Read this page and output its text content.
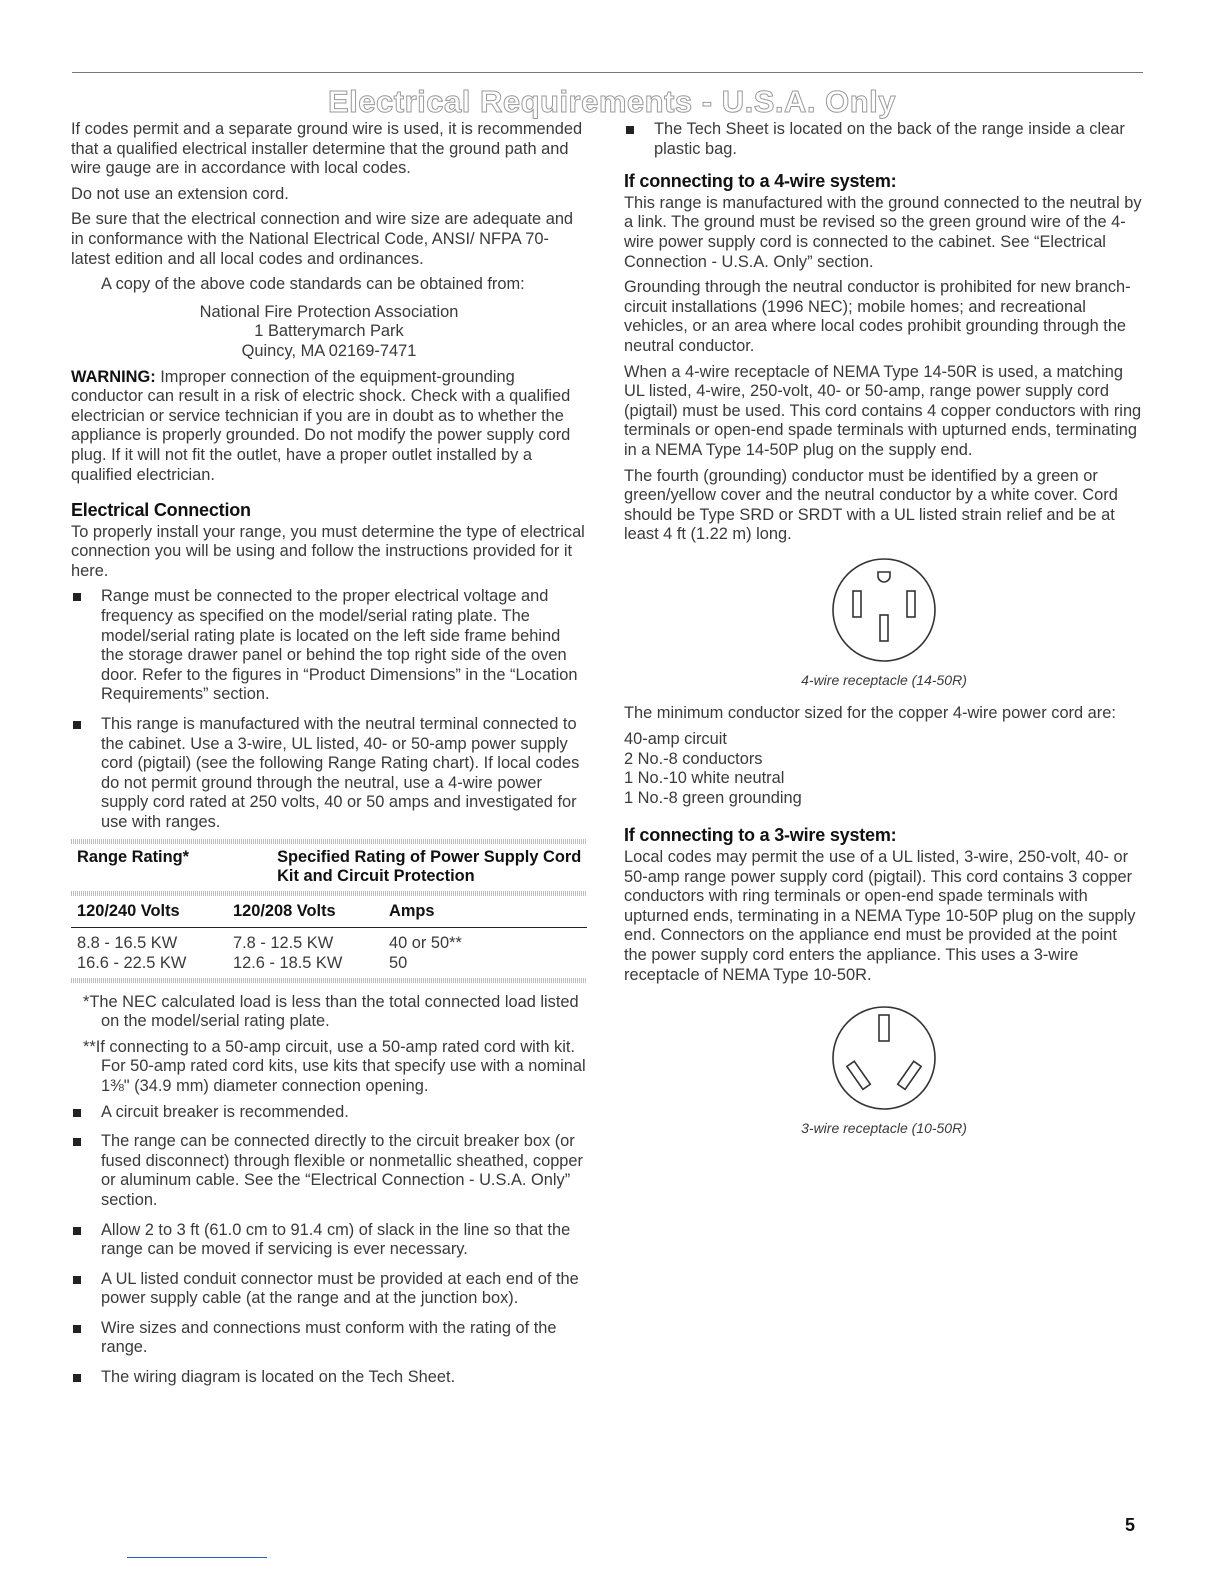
Electrical Requirements - U.S.A. Only

If codes permit and a separate ground wire is used, it is recommended that a qualified electrical installer determine that the ground path and wire gauge are in accordance with local codes.

Do not use an extension cord.

Be sure that the electrical connection and wire size are adequate and in conformance with the National Electrical Code, ANSI/ NFPA 70-latest edition and all local codes and ordinances.

A copy of the above code standards can be obtained from:

National Fire Protection Association
1 Batterymarch Park
Quincy, MA 02169-7471

WARNING: Improper connection of the equipment-grounding conductor can result in a risk of electric shock. Check with a qualified electrician or service technician if you are in doubt as to whether the appliance is properly grounded. Do not modify the power supply cord plug. If it will not fit the outlet, have a proper outlet installed by a qualified electrician.

Electrical Connection

To properly install your range, you must determine the type of electrical connection you will be using and follow the instructions provided for it here.

Range must be connected to the proper electrical voltage and frequency as specified on the model/serial rating plate. The model/serial rating plate is located on the left side frame behind the storage drawer panel or behind the top right side of the oven door. Refer to the figures in “Product Dimensions” in the “Location Requirements” section.
This range is manufactured with the neutral terminal connected to the cabinet. Use a 3-wire, UL listed, 40- or 50-amp power supply cord (pigtail) (see the following Range Rating chart). If local codes do not permit ground through the neutral, use a 4-wire power supply cord rated at 250 volts, 40 or 50 amps and investigated for use with ranges.
Range Rating*	Specified Rating of Power Supply Cord Kit and Circuit Protection
120/240 Volts	120/208 Volts	Amps
8.8 - 16.5 KW	7.8 - 12.5 KW	40 or 50**
16.6 - 22.5 KW	12.6 - 18.5 KW	50

*The NEC calculated load is less than the total connected load listed on the model/serial rating plate.

**If connecting to a 50-amp circuit, use a 50-amp rated cord with kit. For 50-amp rated cord kits, use kits that specify use with a nominal 1⅜" (34.9 mm) diameter connection opening.

A circuit breaker is recommended.
The range can be connected directly to the circuit breaker box (or fused disconnect) through flexible or nonmetallic sheathed, copper or aluminum cable. See the “Electrical Connection - U.S.A. Only” section.
Allow 2 to 3 ft (61.0 cm to 91.4 cm) of slack in the line so that the range can be moved if servicing is ever necessary.
A UL listed conduit connector must be provided at each end of the power supply cable (at the range and at the junction box).
Wire sizes and connections must conform with the rating of the range.
The wiring diagram is located on the Tech Sheet.
The Tech Sheet is located on the back of the range inside a clear plastic bag.
If connecting to a 4-wire system:

This range is manufactured with the ground connected to the neutral by a link. The ground must be revised so the green ground wire of the 4-wire power supply cord is connected to the cabinet. See “Electrical Connection - U.S.A. Only” section.

Grounding through the neutral conductor is prohibited for new branch-circuit installations (1996 NEC); mobile homes; and recreational vehicles, or an area where local codes prohibit grounding through the neutral conductor.

When a 4-wire receptacle of NEMA Type 14-50R is used, a matching UL listed, 4-wire, 250-volt, 40- or 50-amp, range power supply cord (pigtail) must be used. This cord contains 4 copper conductors with ring terminals or open-end spade terminals with upturned ends, terminating in a NEMA Type 14-50P plug on the supply end.

The fourth (grounding) conductor must be identified by a green or green/yellow cover and the neutral conductor by a white cover. Cord should be Type SRD or SRDT with a UL listed strain relief and be at least 4 ft (1.22 m) long.

4-wire receptacle (14-50R)

The minimum conductor sized for the copper 4-wire power cord are:

40-amp circuit

2 No.-8 conductors

1 No.-10 white neutral

1 No.-8 green grounding

If connecting to a 3-wire system:

Local codes may permit the use of a UL listed, 3-wire, 250-volt, 40- or 50-amp range power supply cord (pigtail). This cord contains 3 copper conductors with ring terminals or open-end spade terminals with upturned ends, terminating in a NEMA Type 10-50P plug on the supply end. Connectors on the appliance end must be provided at the point the power supply cord enters the appliance. This uses a 3-wire receptacle of NEMA Type 10-50R.

3-wire receptacle (10-50R)
5
